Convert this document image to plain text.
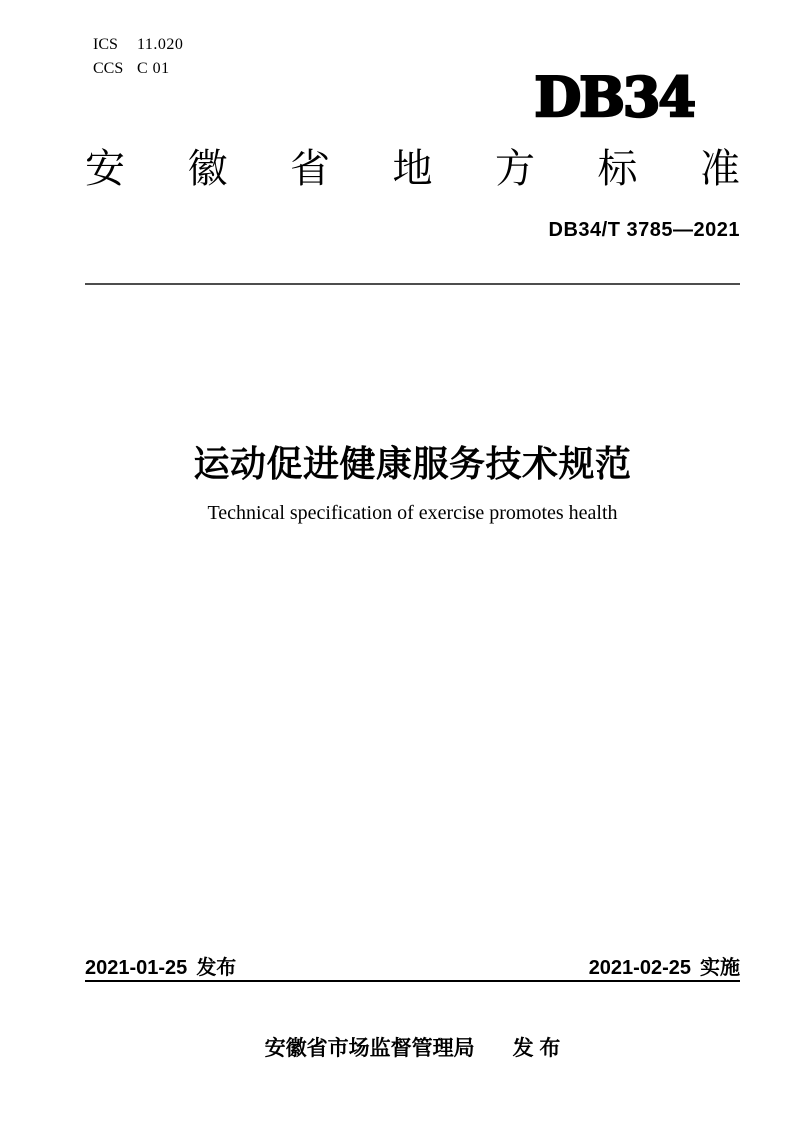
ICS	11.020
CCS C 01	DB34
安 徽 省 地 方 标 准
DB34/T 3785—2021
运动促进健康服务技术规范
Technical specification of exercise promotes health
2021-01-25 发布	2021-02-25 实施
安徽省市场监督管理局 发 布
